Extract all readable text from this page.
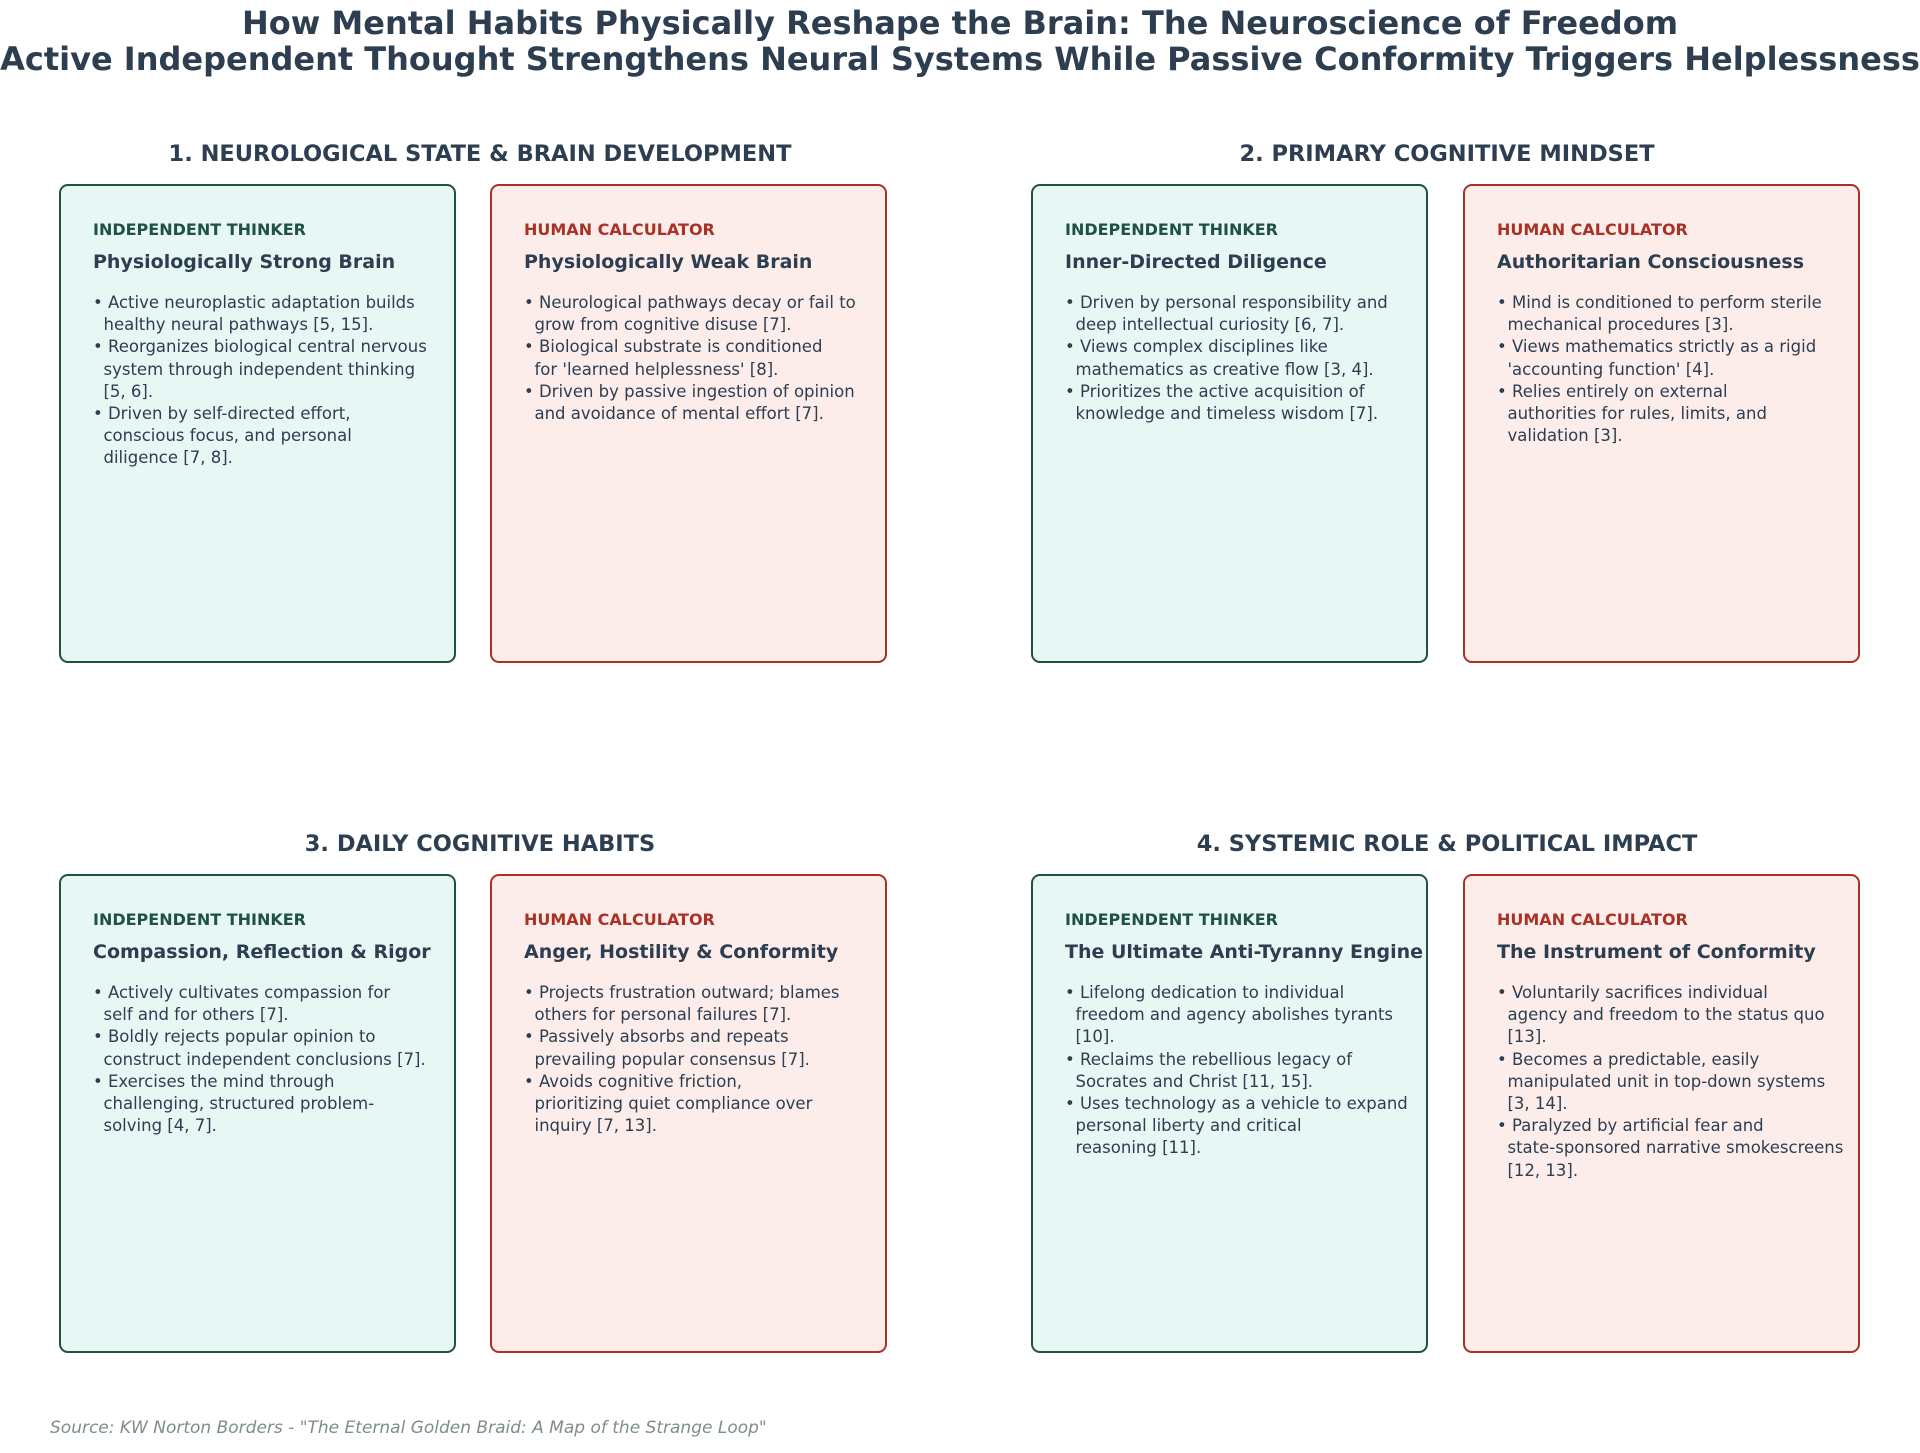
How Mental Habits Physically Reshape the Brain: The Neuroscience of Freedom
Active Independent Thought Strengthens Neural Systems While Passive Conformity Triggers Helplessness
1. NEUROLOGICAL STATE & BRAIN DEVELOPMENT
INDEPENDENT THINKER
Physiologically Strong Brain
• Active neuroplastic adaptation builds
healthy neural pathways [5, 15].
• Reorganizes biological central nervous
system through independent thinking
[5, 6].
• Driven by self-directed effort,
conscious focus, and personal
diligence [7, 8].
HUMAN CALCULATOR
Physiologically Weak Brain
• Neurological pathways decay or fail to
grow from cognitive disuse [7].
• Biological substrate is conditioned
for 'learned helplessness' [8].
• Driven by passive ingestion of opinion
and avoidance of mental effort [7].
2. PRIMARY COGNITIVE MINDSET
INDEPENDENT THINKER
Inner-Directed Diligence
• Driven by personal responsibility and
deep intellectual curiosity [6, 7].
• Views complex disciplines like
mathematics as creative flow [3, 4].
• Prioritizes the active acquisition of
knowledge and timeless wisdom [7].
HUMAN CALCULATOR
Authoritarian Consciousness
• Mind is conditioned to perform sterile
mechanical procedures [3].
• Views mathematics strictly as a rigid
'accounting function' [4].
• Relies entirely on external
authorities for rules, limits, and
validation [3].
3. DAILY COGNITIVE HABITS
INDEPENDENT THINKER
Compassion, Reflection & Rigor
• Actively cultivates compassion for
self and for others [7].
• Boldly rejects popular opinion to
construct independent conclusions [7].
• Exercises the mind through
challenging, structured problem-
solving [4, 7].
HUMAN CALCULATOR
Anger, Hostility & Conformity
• Projects frustration outward; blames
others for personal failures [7].
• Passively absorbs and repeats
prevailing popular consensus [7].
• Avoids cognitive friction,
prioritizing quiet compliance over
inquiry [7, 13].
4. SYSTEMIC ROLE & POLITICAL IMPACT
INDEPENDENT THINKER
The Ultimate Anti-Tyranny Engine
• Lifelong dedication to individual
freedom and agency abolishes tyrants
[10].
• Reclaims the rebellious legacy of
Socrates and Christ [11, 15].
• Uses technology as a vehicle to expand
personal liberty and critical
reasoning [11].
HUMAN CALCULATOR
The Instrument of Conformity
• Voluntarily sacrifices individual
agency and freedom to the status quo
[13].
• Becomes a predictable, easily
manipulated unit in top-down systems
[3, 14].
• Paralyzed by artificial fear and
state-sponsored narrative smokescreens
[12, 13].
Source: KW Norton Borders - "The Eternal Golden Braid: A Map of the Strange Loop"
